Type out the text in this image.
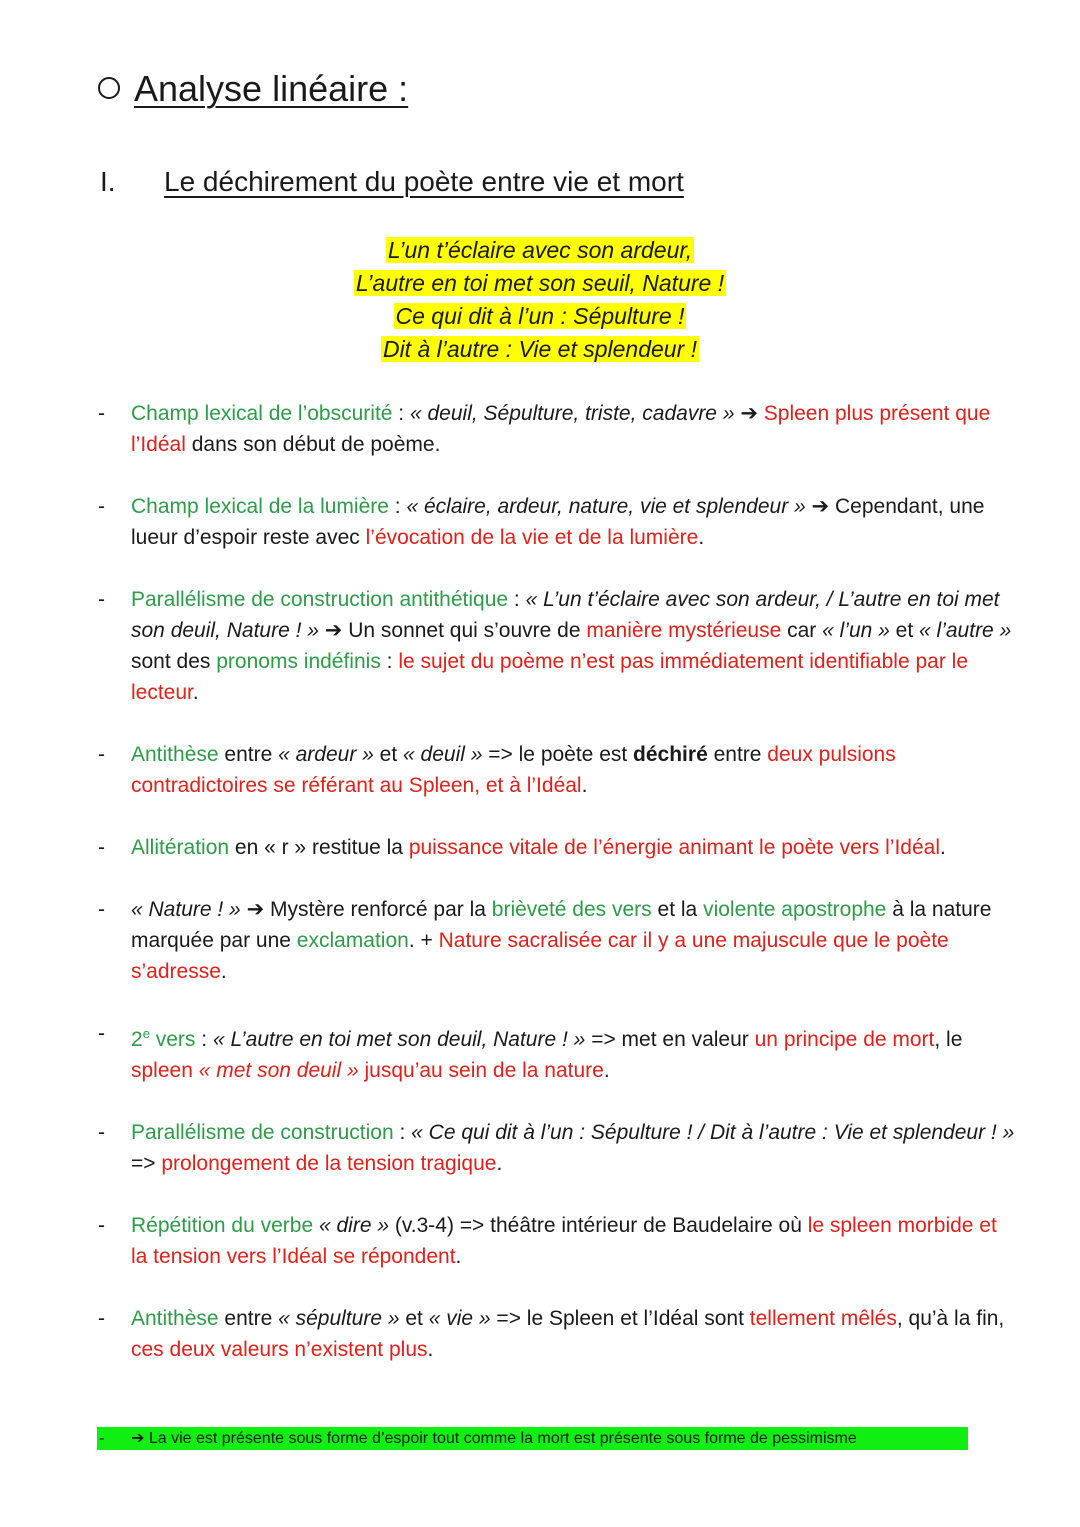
Analyse linéaire :
I.	Le déchirement du poète entre vie et mort
L’un t’éclaire avec son ardeur,
L’autre en toi met son seuil, Nature !
Ce qui dit à l’un : Sépulture !
Dit à l’autre : Vie et splendeur !
- Champ lexical de l’obscurité : « deuil, Sépulture, triste, cadavre » ➔ Spleen plus présent que l’Idéal dans son début de poème.
- Champ lexical de la lumière : « éclaire, ardeur, nature, vie et splendeur » ➔ Cependant, une lueur d’espoir reste avec l’évocation de la vie et de la lumière.
- Parallélisme de construction antithétique : « L’un t’éclaire avec son ardeur, / L’autre en toi met son deuil, Nature ! » ➔ Un sonnet qui s’ouvre de manière mystérieuse car « l’un » et « l’autre » sont des pronoms indéfinis : le sujet du poème n’est pas immédiatement identifiable par le lecteur.
- Antithèse entre « ardeur » et « deuil » => le poète est déchiré entre deux pulsions contradictoires se référant au Spleen, et à l’Idéal.
- Allitération en « r » restitue la puissance vitale de l’énergie animant le poète vers l’Idéal.
- « Nature ! » ➔ Mystère renforcé par la brièveté des vers et la violente apostrophe à la nature marquée par une exclamation. + Nature sacralisée car il y a une majuscule que le poète s’adresse.
- 2e vers : « L’autre en toi met son deuil, Nature ! » => met en valeur un principe de mort, le spleen « met son deuil » jusqu’au sein de la nature.
- Parallélisme de construction : « Ce qui dit à l’un : Sépulture ! / Dit à l’autre : Vie et splendeur ! » => prolongement de la tension tragique.
- Répétition du verbe « dire » (v.3-4) => théâtre intérieur de Baudelaire où le spleen morbide et la tension vers l’Idéal se répondent.
- Antithèse entre « sépulture » et « vie » => le Spleen et l’Idéal sont tellement mêlés, qu’à la fin, ces deux valeurs n’existent plus.
- ➔ La vie est présente sous forme d’espoir tout comme la mort est présente sous forme de pessimisme
